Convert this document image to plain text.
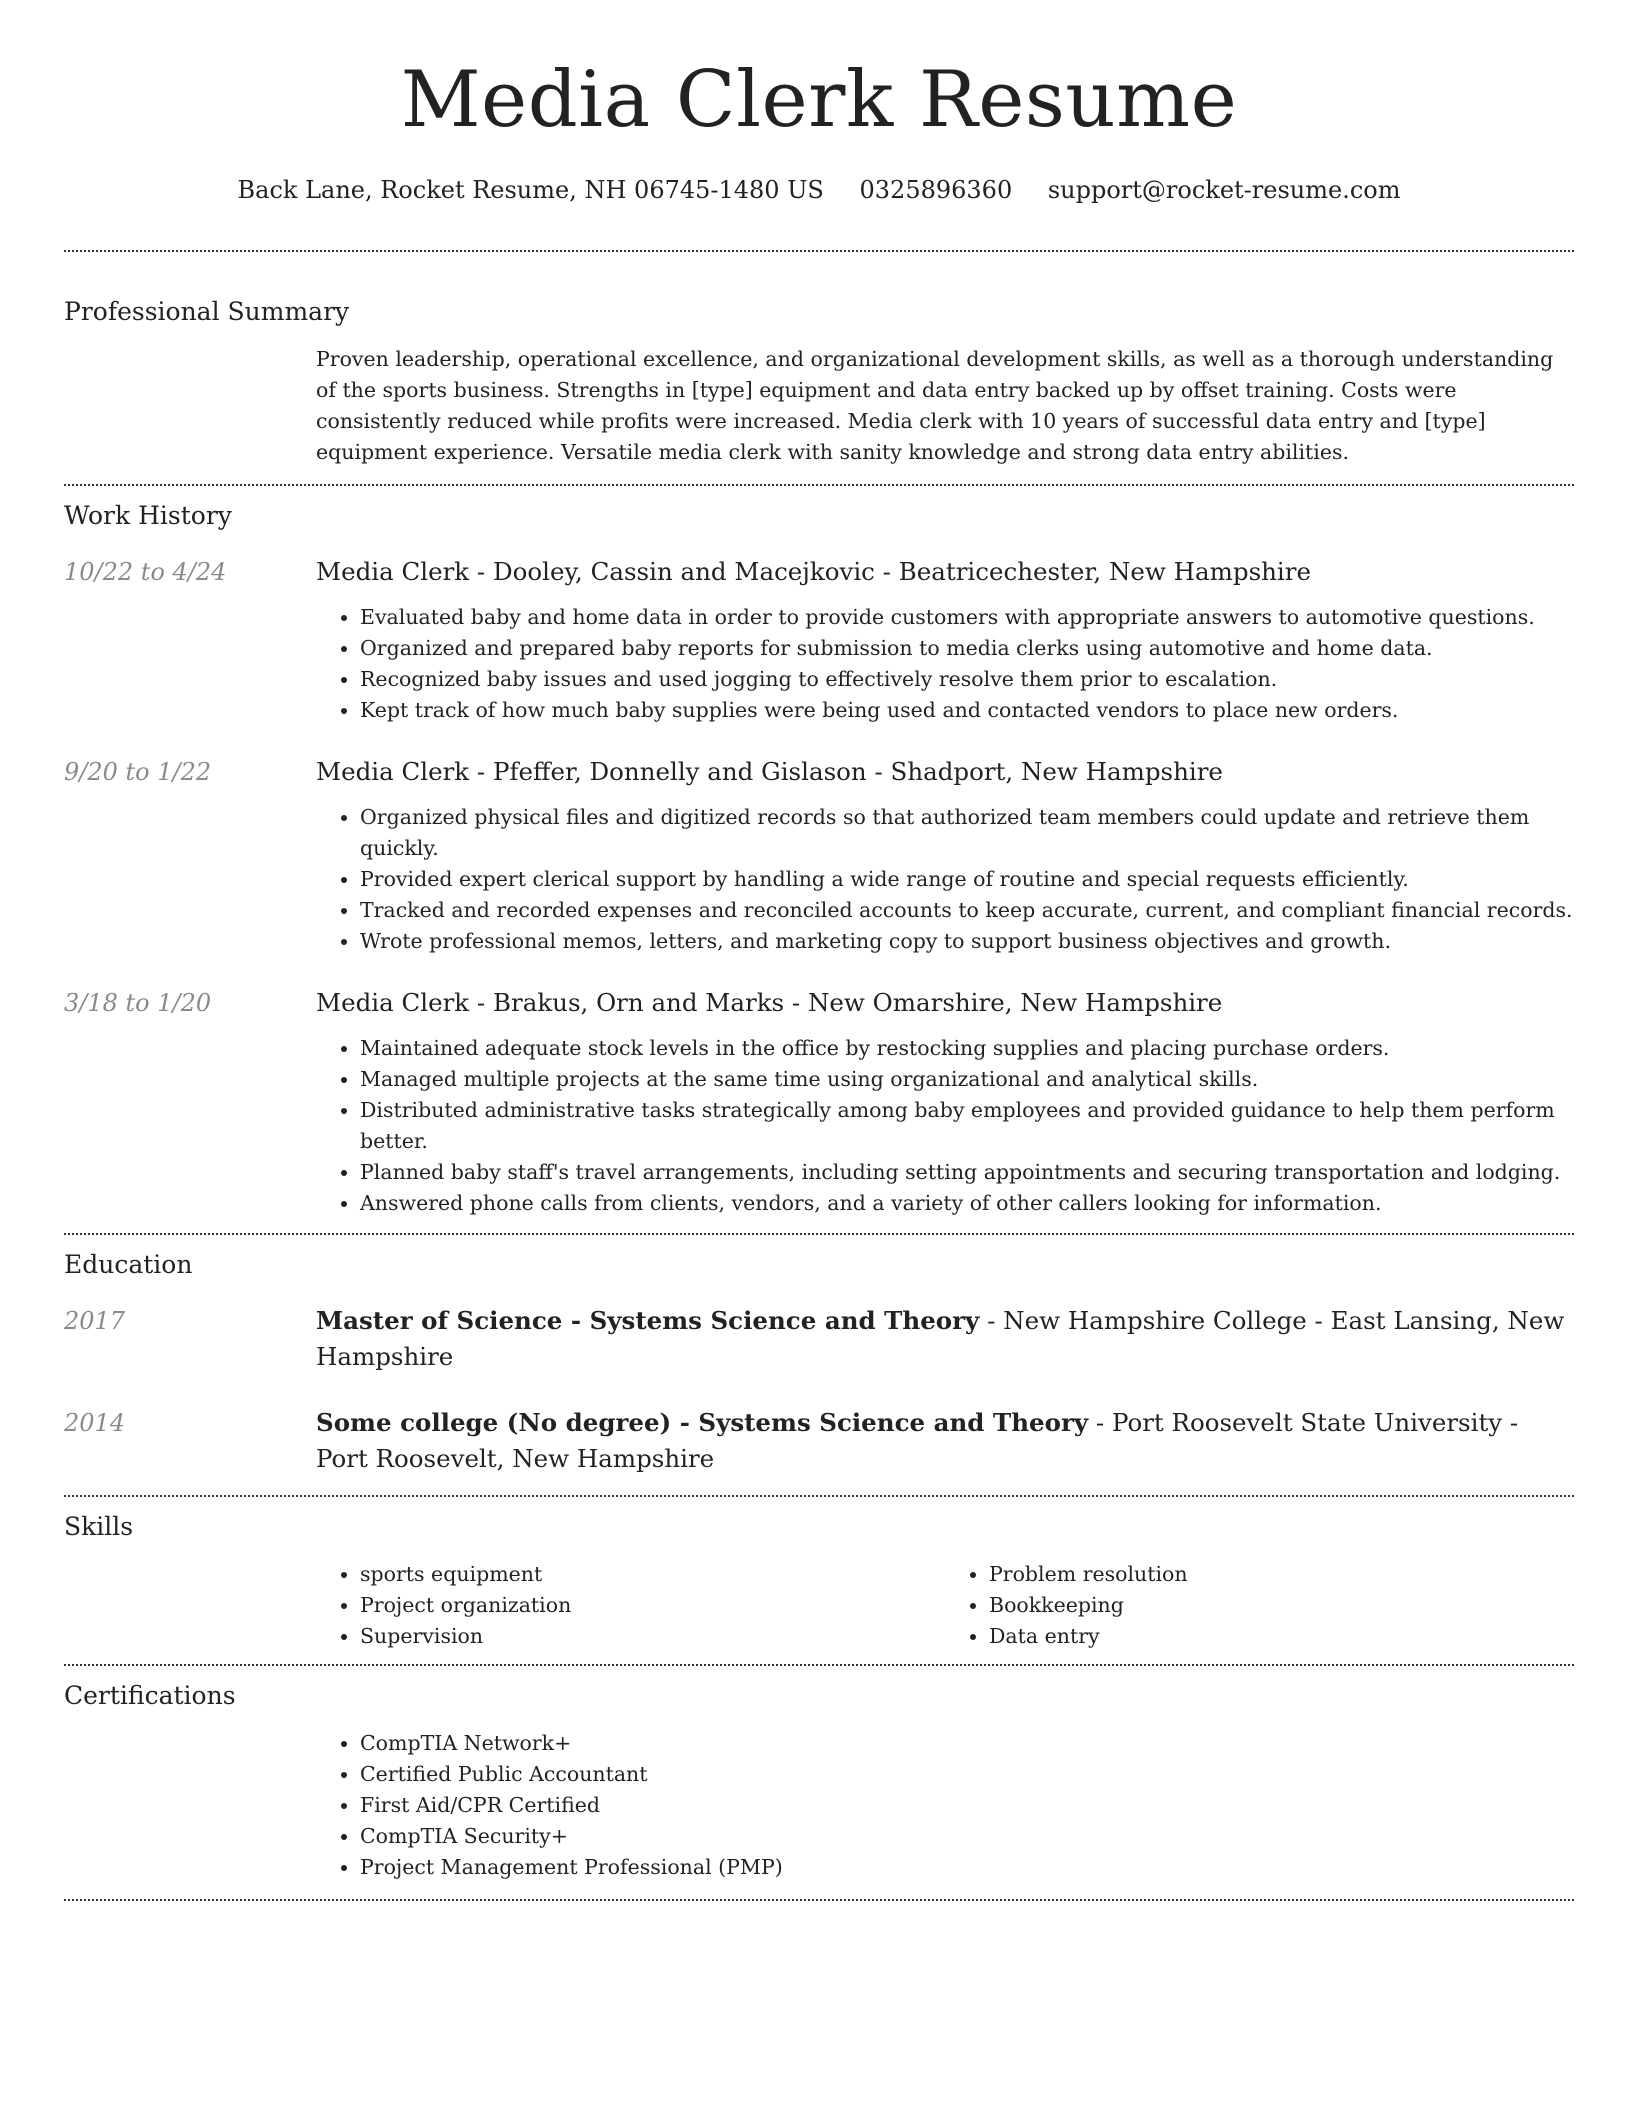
Media Clerk Resume
Back Lane, Rocket Resume, NH 06745-1480 US 0325896360 support@rocket-resume.com
Professional Summary

Proven leadership, operational excellence, and organizational development skills, as well as a thorough understanding of the sports business. Strengths in [type] equipment and data entry backed up by offset training. Costs were consistently reduced while profits were increased. Media clerk with 10 years of successful data entry and [type] equipment experience. Versatile media clerk with sanity knowledge and strong data entry abilities.

Work History
10/22 to 4/24	Media Clerk - Dooley, Cassin and Macejkovic - Beatricechester, New Hampshire

• Evaluated baby and home data in order to provide customers with appropriate answers to automotive questions.
• Organized and prepared baby reports for submission to media clerks using automotive and home data.
• Recognized baby issues and used jogging to effectively resolve them prior to escalation.
• Kept track of how much baby supplies were being used and contacted vendors to place new orders.
9/20 to 1/22	Media Clerk - Pfeffer, Donnelly and Gislason - Shadport, New Hampshire

• Organized physical files and digitized records so that authorized team members could update and retrieve them quickly.
• Provided expert clerical support by handling a wide range of routine and special requests efficiently.
• Tracked and recorded expenses and reconciled accounts to keep accurate, current, and compliant financial records.
• Wrote professional memos, letters, and marketing copy to support business objectives and growth.
3/18 to 1/20	Media Clerk - Brakus, Orn and Marks - New Omarshire, New Hampshire

• Maintained adequate stock levels in the office by restocking supplies and placing purchase orders.
• Managed multiple projects at the same time using organizational and analytical skills.
• Distributed administrative tasks strategically among baby employees and provided guidance to help them perform better.
• Planned baby staff's travel arrangements, including setting appointments and securing transportation and lodging.
• Answered phone calls from clients, vendors, and a variety of other callers looking for information.
Education
2017	Master of Science - Systems Science and Theory - New Hampshire College - East Lansing, New Hampshire

2014	Some college (No degree) - Systems Science and Theory - Port Roosevelt State University - Port Roosevelt, New Hampshire

Skills
• sports equipment
• Project organization
• Supervision
• Problem resolution
• Bookkeeping
• Data entry
Certifications
• CompTIA Network+
• Certified Public Accountant
• First Aid/CPR Certified
• CompTIA Security+
• Project Management Professional (PMP)
